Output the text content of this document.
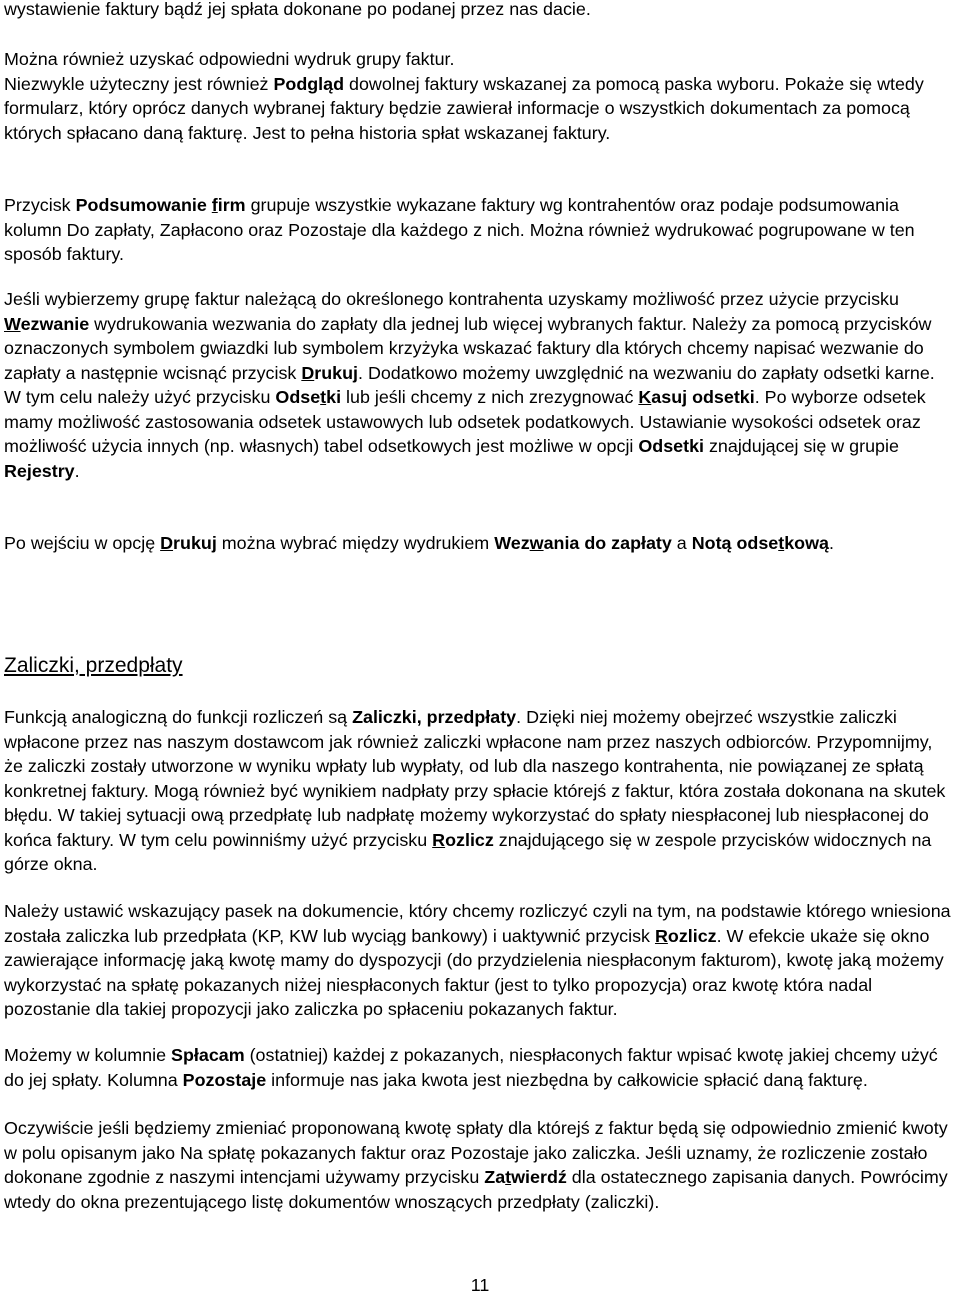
wystawienie faktury bądź jej spłata dokonane po podanej przez nas dacie.

Można również uzyskać odpowiedni wydruk grupy faktur.
Niezwykle użyteczny jest również Podgląd dowolnej faktury wskazanej za pomocą paska wyboru. Pokaże się wtedy formularz, który oprócz danych wybranej faktury będzie zawierał informacje o wszystkich dokumentach za pomocą których spłacano daną fakturę. Jest to pełna historia spłat wskazanej faktury.

Przycisk Podsumowanie firm grupuje wszystkie wykazane faktury wg kontrahentów oraz podaje podsumowania kolumn Do zapłaty, Zapłacono oraz Pozostaje dla każdego z nich. Można również wydrukować pogrupowane w ten sposób faktury.

Jeśli wybierzemy grupę faktur należącą do określonego kontrahenta uzyskamy możliwość przez użycie przycisku Wezwanie wydrukowania wezwania do zapłaty dla jednej lub więcej wybranych faktur. Należy za pomocą przycisków oznaczonych symbolem gwiazdki lub symbolem krzyżyka wskazać faktury dla których chcemy napisać wezwanie do zapłaty a następnie wcisnąć przycisk Drukuj. Dodatkowo możemy uwzględnić na wezwaniu do zapłaty odsetki karne. W tym celu należy użyć przycisku Odsetki lub jeśli chcemy z nich zrezygnować Kasuj odsetki. Po wyborze odsetek mamy możliwość zastosowania odsetek ustawowych lub odsetek podatkowych. Ustawianie wysokości odsetek oraz możliwość użycia innych (np. własnych) tabel odsetkowych jest możliwe w opcji Odsetki znajdującej się w grupie Rejestry.

Po wejściu w opcję Drukuj można wybrać między wydrukiem Wezwania do zapłaty a Notą odsetkową.

Zaliczki, przedpłaty

Funkcją analogiczną do funkcji rozliczeń są Zaliczki, przedpłaty. Dzięki niej możemy obejrzeć wszystkie zaliczki wpłacone przez nas naszym dostawcom jak również zaliczki wpłacone nam przez naszych odbiorców. Przypomnijmy, że zaliczki zostały utworzone w wyniku wpłaty lub wypłaty, od lub dla naszego kontrahenta, nie powiązanej ze spłatą konkretnej faktury. Mogą również być wynikiem nadpłaty przy spłacie którejś z faktur, która została dokonana na skutek błędu. W takiej sytuacji ową przedpłatę lub nadpłatę możemy wykorzystać do spłaty niespłaconej lub niespłaconej do końca faktury. W tym celu powinniśmy użyć przycisku Rozlicz znajdującego się w zespole przycisków widocznych na górze okna.

Należy ustawić wskazujący pasek na dokumencie, który chcemy rozliczyć czyli na tym, na podstawie którego wniesiona została zaliczka lub przedpłata (KP, KW lub wyciąg bankowy) i uaktywnić przycisk Rozlicz. W efekcie ukaże się okno zawierające informację jaką kwotę mamy do dyspozycji (do przydzielenia niespłaconym fakturom), kwotę jaką możemy wykorzystać na spłatę pokazanych niżej niespłaconych faktur (jest to tylko propozycja) oraz kwotę która nadal pozostanie dla takiej propozycji jako zaliczka po spłaceniu pokazanych faktur.

Możemy w kolumnie Spłacam (ostatniej) każdej z pokazanych, niespłaconych faktur wpisać kwotę jakiej chcemy użyć do jej spłaty. Kolumna Pozostaje informuje nas jaka kwota jest niezbędna by całkowicie spłacić daną fakturę.

Oczywiście jeśli będziemy zmieniać proponowaną kwotę spłaty dla którejś z faktur będą się odpowiednio zmienić kwoty w polu opisanym jako Na spłatę pokazanych faktur oraz Pozostaje jako zaliczka. Jeśli uznamy, że rozliczenie zostało dokonane zgodnie z naszymi intencjami używamy przycisku Zatwierdź dla ostatecznego zapisania danych. Powrócimy wtedy do okna prezentującego listę dokumentów wnoszących przedpłaty (zaliczki).

11
